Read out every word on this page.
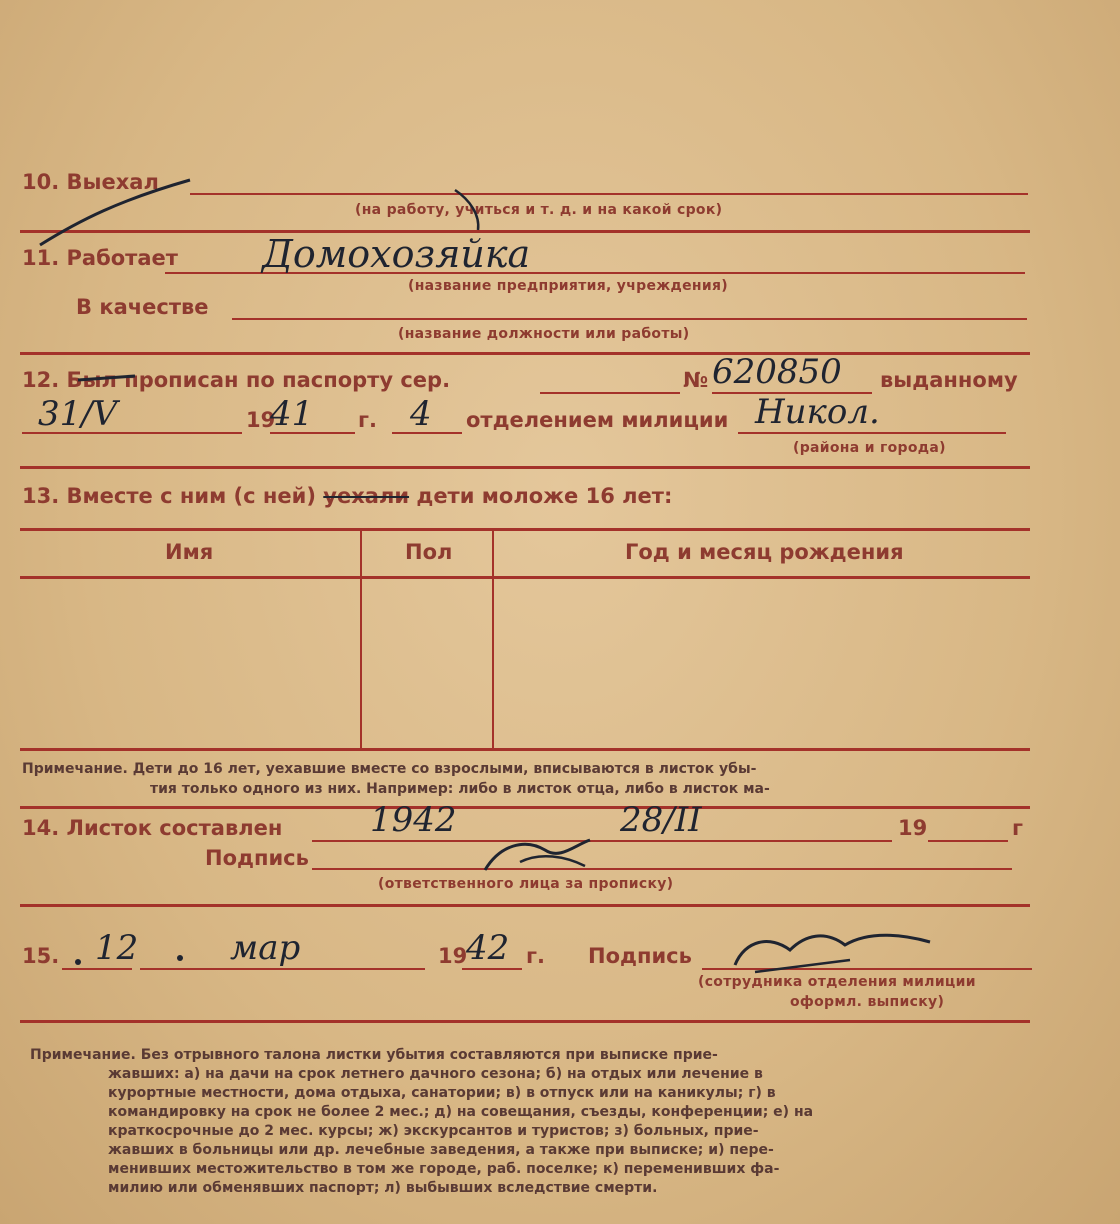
10. Выехал
(на работу, учиться и т. д. и на какой срок)
11. Работает Домохозяйка
(название предприятия, учреждения)
В качестве
(название должности или работы)
12. Был прописан по паспорту сер.	№ 620850 выданному
31/V	19
41 г. 4 отделением милиции Никол.
(района и города)
13. Вместе с ним (с ней) уехали дети моложе 16 лет:
Имя	Пол	Год и месяц рождения
Примечание. Дети до 16 лет, уехавшие вместе со взрослыми, вписываются в листок убы-
тия только одного из них. Например: либо в листок отца, либо в листок ма-
14. Листок составлен	1942	28/II	19	г
Подпись
(ответственного лица за прописку)
15. 12	мар	19
42 г. Подпись
(сотрудника отделения милиции
оформл. выписку)
Примечание. Без отрывного талона листки убытия составляются при выписке прие-
жавших: а) на дачи на срок летнего дачного сезона; б) на отдых или лечение в
курортные местности, дома отдыха, санатории; в) в отпуск или на каникулы; г) в
командировку на срок не более 2 мес.; д) на совещания, съезды, конференции; е) на
краткосрочные до 2 мес. курсы; ж) экскурсантов и туристов; з) больных, прие-
жавших в больницы или др. лечебные заведения, а также при выписке; и) пере-
менивших местожительство в том же городе, раб. поселке; к) переменивших фа-
милию или обменявших паспорт; л) выбывших вследствие смерти.
